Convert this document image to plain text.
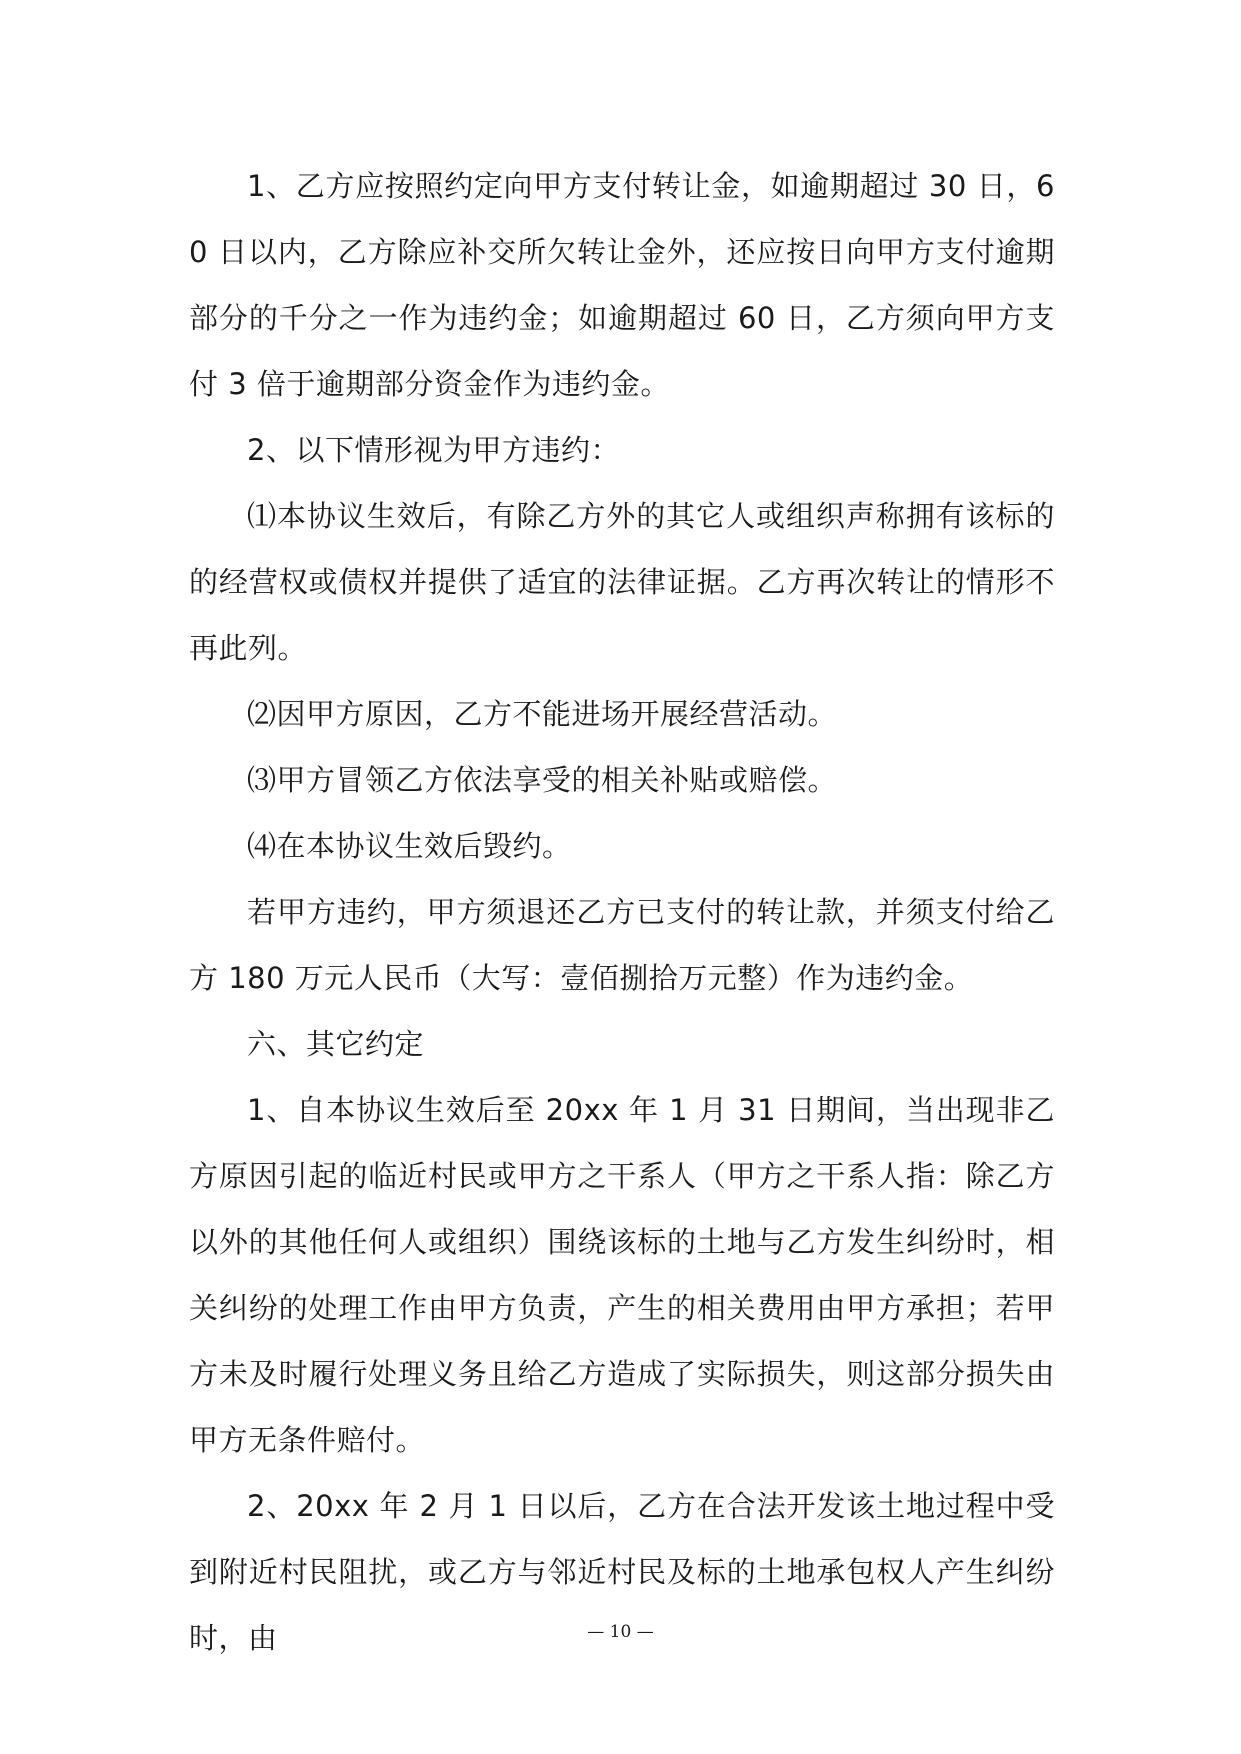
1、乙方应按照约定向甲方支付转让金，如逾期超过 30 日，60 日以内，乙方除应补交所欠转让金外，还应按日向甲方支付逾期部分的千分之一作为违约金；如逾期超过 60 日，乙方须向甲方支付 3 倍于逾期部分资金作为违约金。

2、以下情形视为甲方违约：

⑴本协议生效后，有除乙方外的其它人或组织声称拥有该标的的经营权或债权并提供了适宜的法律证据。乙方再次转让的情形不再此列。

⑵因甲方原因，乙方不能进场开展经营活动。

⑶甲方冒领乙方依法享受的相关补贴或赔偿。

⑷在本协议生效后毁约。

若甲方违约，甲方须退还乙方已支付的转让款，并须支付给乙方 180 万元人民币（大写：壹佰捌拾万元整）作为违约金。

六、其它约定

1、自本协议生效后至 20xx 年 1 月 31 日期间，当出现非乙方原因引起的临近村民或甲方之干系人（甲方之干系人指：除乙方以外的其他任何人或组织）围绕该标的土地与乙方发生纠纷时，相关纠纷的处理工作由甲方负责，产生的相关费用由甲方承担；若甲方未及时履行处理义务且给乙方造成了实际损失，则这部分损失由甲方无条件赔付。

2、20xx 年 2 月 1 日以后，乙方在合法开发该土地过程中受到附近村民阻扰，或乙方与邻近村民及标的土地承包权人产生纠纷时，由	— 10 —
